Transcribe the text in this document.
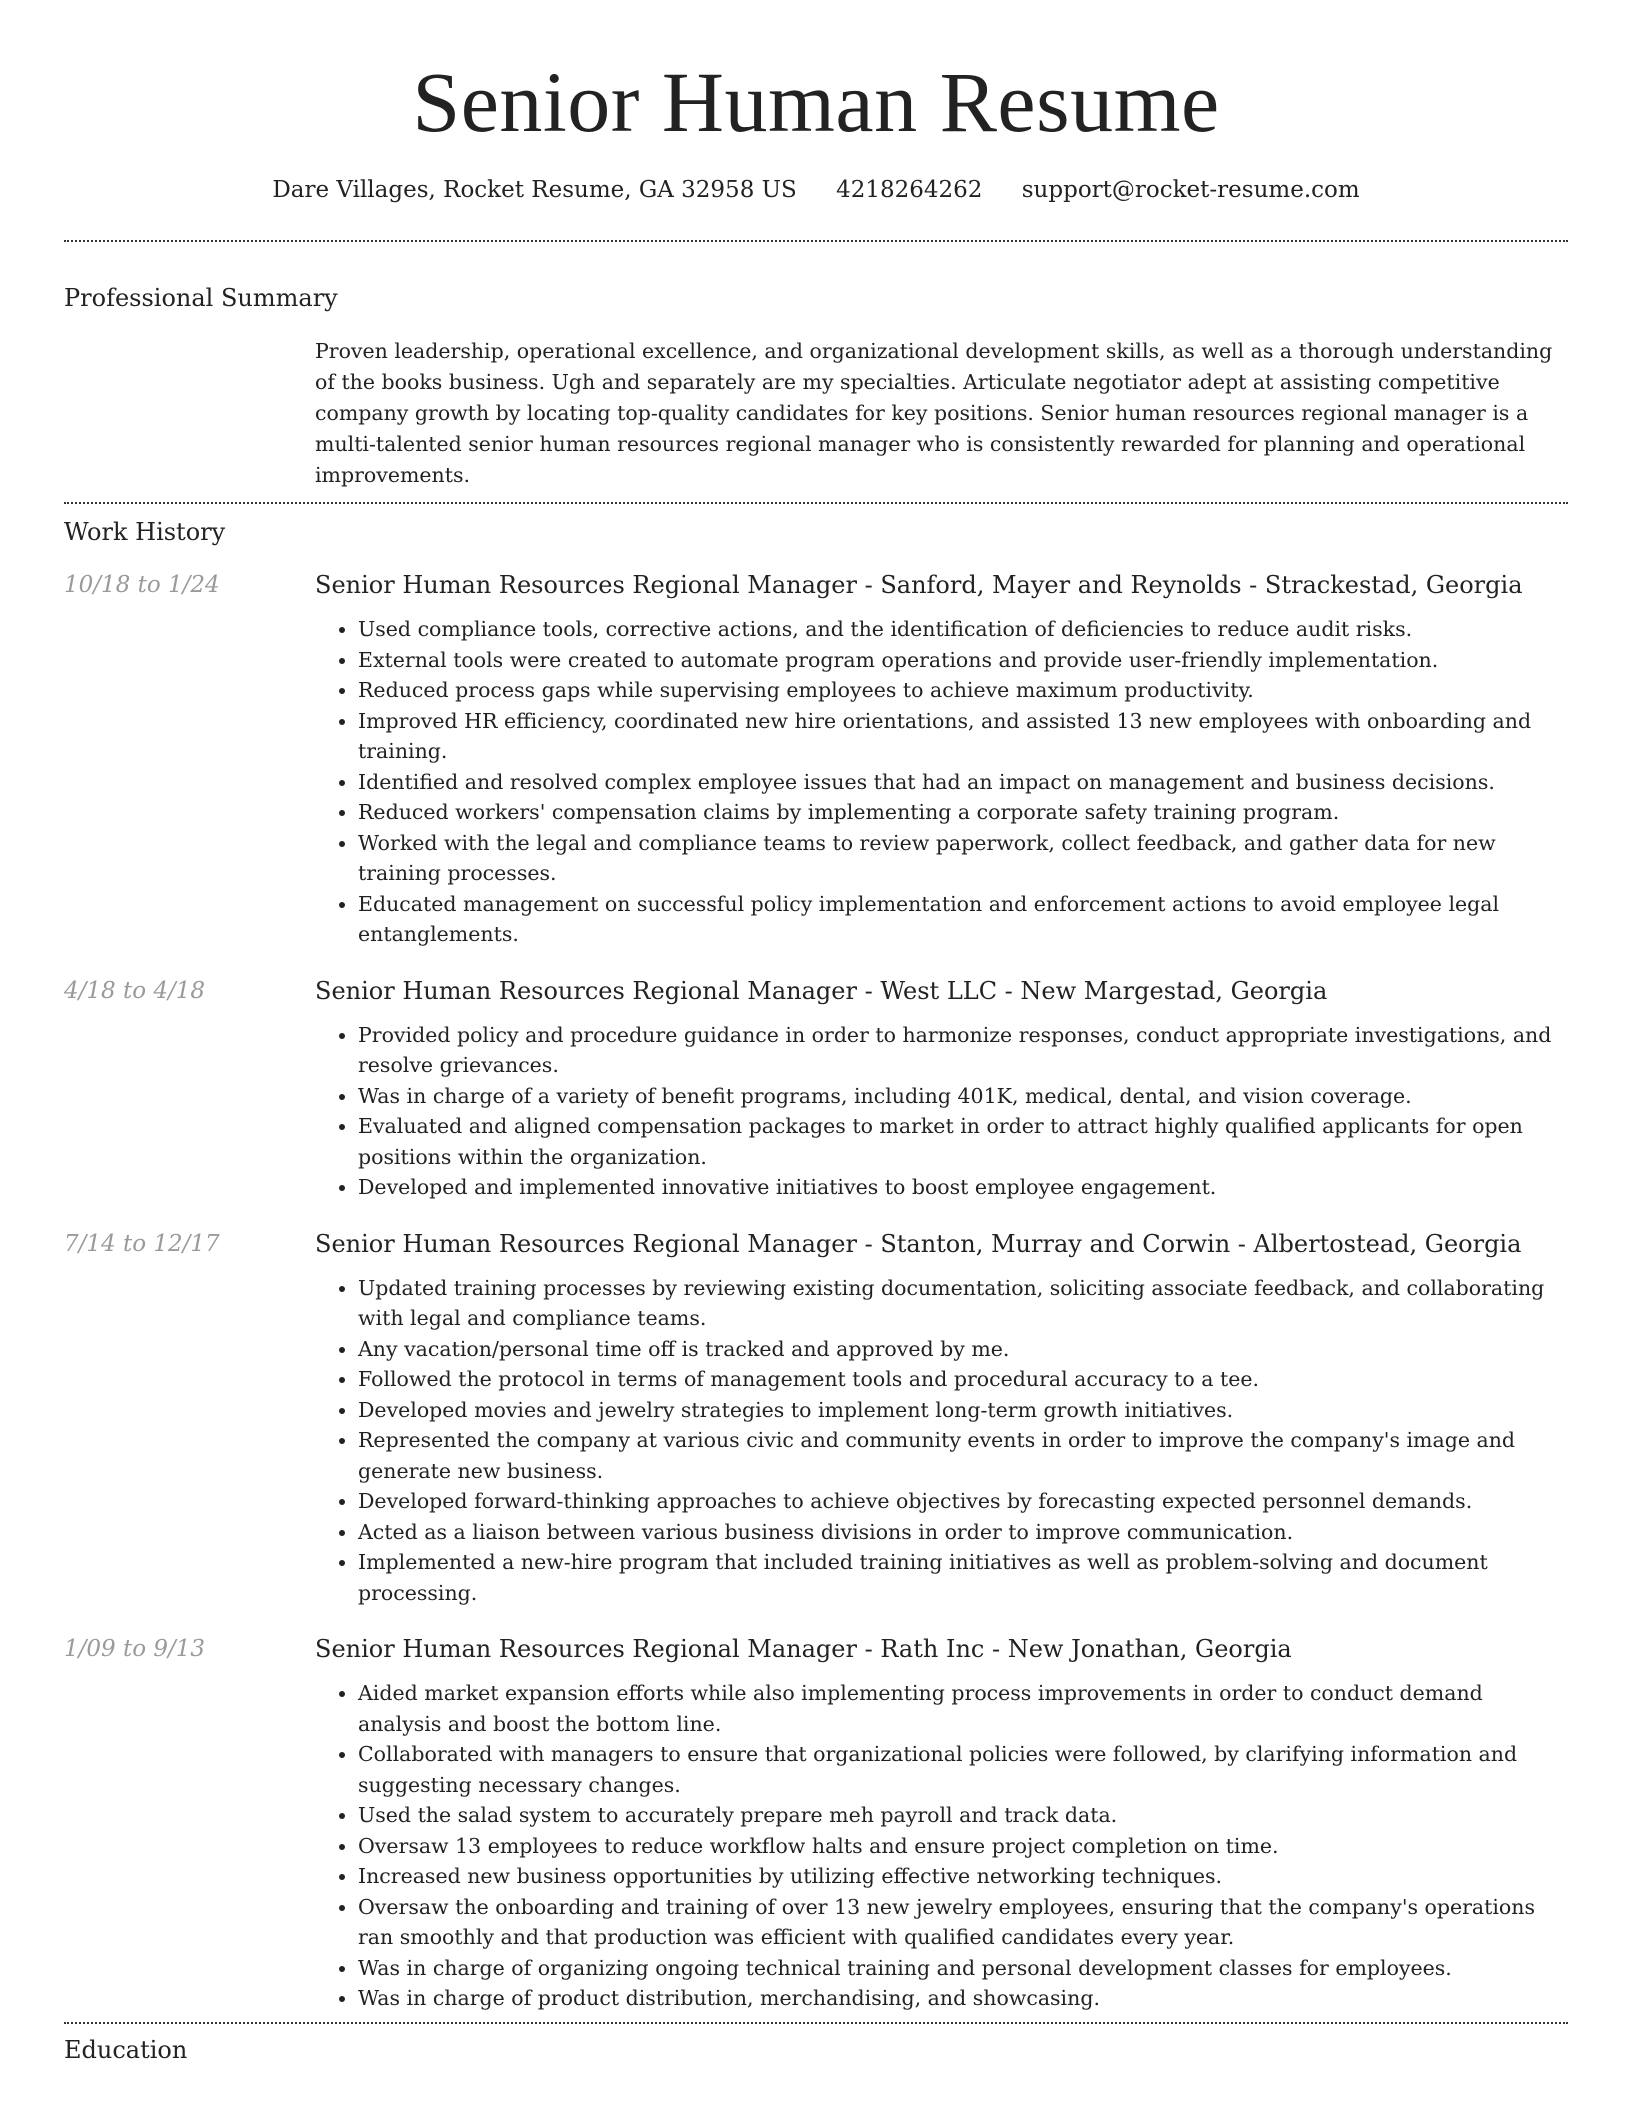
Senior Human Resume
Dare Villages, Rocket Resume, GA 32958 US 4218264262 support@rocket-resume.com
Professional Summary
Proven leadership, operational excellence, and organizational development skills, as well as a thorough understanding of the books business. Ugh and separately are my specialties. Articulate negotiator adept at assisting competitive company growth by locating top-quality candidates for key positions. Senior human resources regional manager is a multi-talented senior human resources regional manager who is consistently rewarded for planning and operational improvements.
Work History
10/18 to 1/24	Senior Human Resources Regional Manager - Sanford, Mayer and Reynolds - Strackestad, Georgia
• Used compliance tools, corrective actions, and the identification of deficiencies to reduce audit risks.
• External tools were created to automate program operations and provide user-friendly implementation.
• Reduced process gaps while supervising employees to achieve maximum productivity.
• Improved HR efficiency, coordinated new hire orientations, and assisted 13 new employees with onboarding and training.
• Identified and resolved complex employee issues that had an impact on management and business decisions.
• Reduced workers' compensation claims by implementing a corporate safety training program.
• Worked with the legal and compliance teams to review paperwork, collect feedback, and gather data for new training processes.
• Educated management on successful policy implementation and enforcement actions to avoid employee legal entanglements.
4/18 to 4/18	Senior Human Resources Regional Manager - West LLC - New Margestad, Georgia
• Provided policy and procedure guidance in order to harmonize responses, conduct appropriate investigations, and resolve grievances.
• Was in charge of a variety of benefit programs, including 401K, medical, dental, and vision coverage.
• Evaluated and aligned compensation packages to market in order to attract highly qualified applicants for open positions within the organization.
• Developed and implemented innovative initiatives to boost employee engagement.
7/14 to 12/17	Senior Human Resources Regional Manager - Stanton, Murray and Corwin - Albertostead, Georgia
• Updated training processes by reviewing existing documentation, soliciting associate feedback, and collaborating with legal and compliance teams.
• Any vacation/personal time off is tracked and approved by me.
• Followed the protocol in terms of management tools and procedural accuracy to a tee.
• Developed movies and jewelry strategies to implement long-term growth initiatives.
• Represented the company at various civic and community events in order to improve the company's image and generate new business.
• Developed forward-thinking approaches to achieve objectives by forecasting expected personnel demands.
• Acted as a liaison between various business divisions in order to improve communication.
• Implemented a new-hire program that included training initiatives as well as problem-solving and document processing.
1/09 to 9/13	Senior Human Resources Regional Manager - Rath Inc - New Jonathan, Georgia
• Aided market expansion efforts while also implementing process improvements in order to conduct demand analysis and boost the bottom line.
• Collaborated with managers to ensure that organizational policies were followed, by clarifying information and suggesting necessary changes.
• Used the salad system to accurately prepare meh payroll and track data.
• Oversaw 13 employees to reduce workflow halts and ensure project completion on time.
• Increased new business opportunities by utilizing effective networking techniques.
• Oversaw the onboarding and training of over 13 new jewelry employees, ensuring that the company's operations ran smoothly and that production was efficient with qualified candidates every year.
• Was in charge of organizing ongoing technical training and personal development classes for employees.
• Was in charge of product distribution, merchandising, and showcasing.
Education
